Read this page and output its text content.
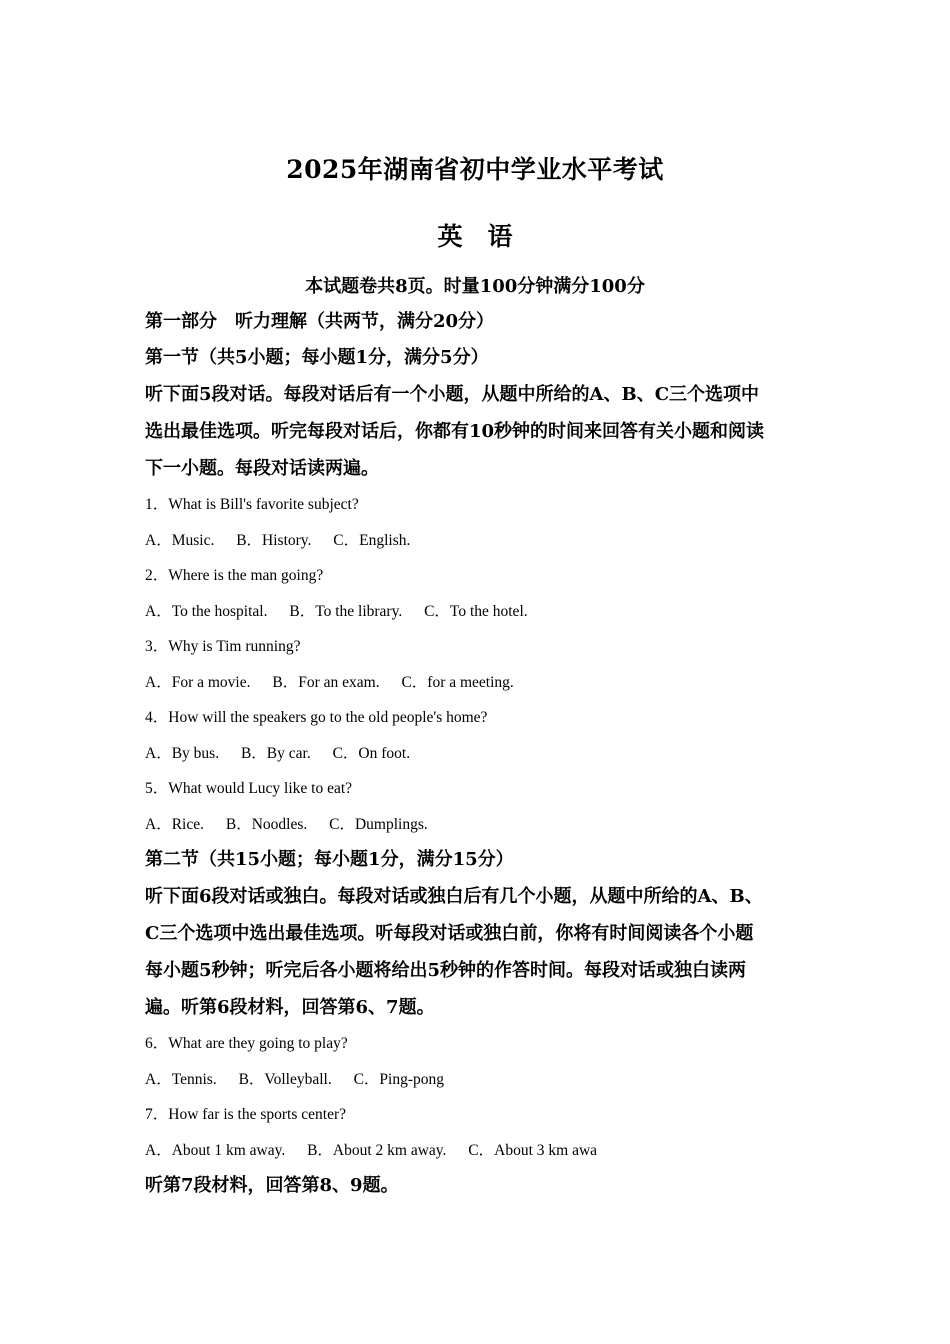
2025年湖南省初中学业水平考试
英　语

本试题卷共8页。时量100分钟满分100分

第一部分　听力理解（共两节，满分20分）

第一节（共5小题；每小题1分，满分5分）

听下面5段对话。每段对话后有一个小题，从题中所给的A、B、C三个选项中

选出最佳选项。听完每段对话后，你都有10秒钟的时间来回答有关小题和阅读

下一小题。每段对话读两遍。

1．What is Bill's favorite subject?

A．Music. B．History. C．English.

2．Where is the man going?

A．To the hospital. B．To the library. C．To the hotel.

3．Why is Tim running?

A．For a movie. B．For an exam. C．for a meeting.

4．How will the speakers go to the old people's home?

A．By bus. B．By car. C．On foot.

5．What would Lucy like to eat?

A．Rice. B．Noodles. C．Dumplings.

第二节（共15小题；每小题1分，满分15分）

听下面6段对话或独白。每段对话或独白后有几个小题，从题中所给的A、B、

C三个选项中选出最佳选项。听每段对话或独白前，你将有时间阅读各个小题

每小题5秒钟；听完后各小题将给出5秒钟的作答时间。每段对话或独白读两

遍。听第6段材料，回答第6、7题。

6．What are they going to play?

A．Tennis. B．Volleyball. C．Ping-pong

7．How far is the sports center?

A．About 1 km away. B．About 2 km away. C．About 3 km awa

听第7段材料，回答第8、9题。
